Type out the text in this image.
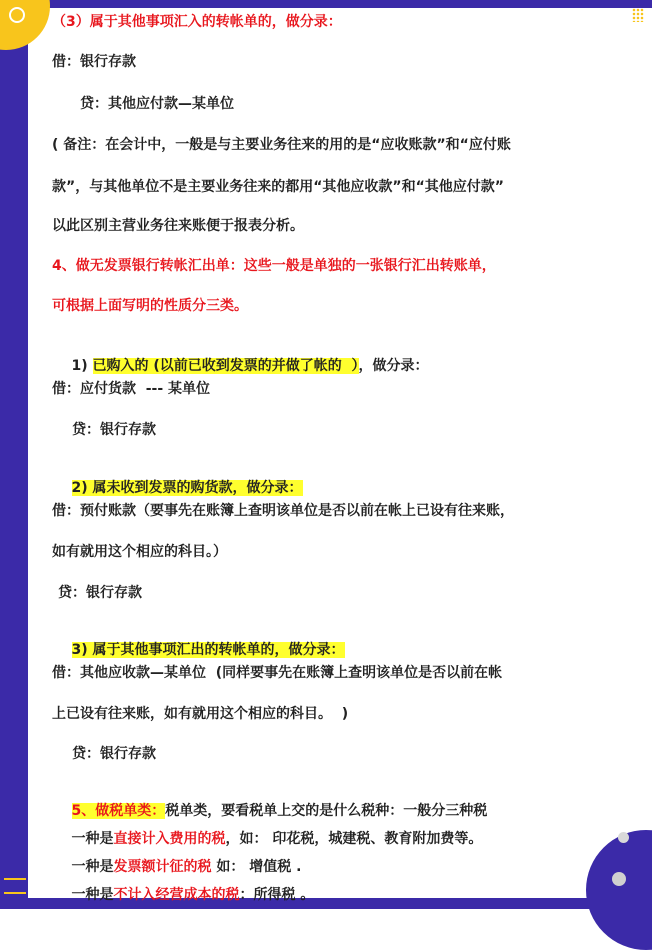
（3）属于其他事项汇入的转帐单的，做分录：
借：银行存款
贷：其他应付款—某单位
( 备注：在会计中，一般是与主要业务往来的用的是“应收账款”和“应付账
款”，与其他单位不是主要业务往来的都用“其他应收款”和“其他应付款”
以此区别主营业务往来账便于报表分析。
4、做无发票银行转帐汇出单：这些一般是单独的一张银行汇出转账单，
可根据上面写明的性质分三类。

1) 已购入的 (以前已收到发票的并做了帐的  ），做分录：

借：应付货款  --- 某单位
贷：银行存款

2) 属未收到发票的购货款，做分录：

借：预付账款（要事先在账簿上查明该单位是否以前在帐上已设有往来账，
如有就用这个相应的科目。）
贷：银行存款

3) 属于其他事项汇出的转帐单的，做分录：

借：其他应收款—某单位  (同样要事先在账簿上查明该单位是否以前在帐
上已设有往来账，如有就用这个相应的科目。  )
贷：银行存款

5、做税单类：税单类，要看税单上交的是什么税种：一般分三种税

一种是直接计入费用的税，如： 印花税，城建税、教育附加费等。

一种是发票额计征的税 如： 增值税 .

一种是不计入经营成本的税：所得税 。
